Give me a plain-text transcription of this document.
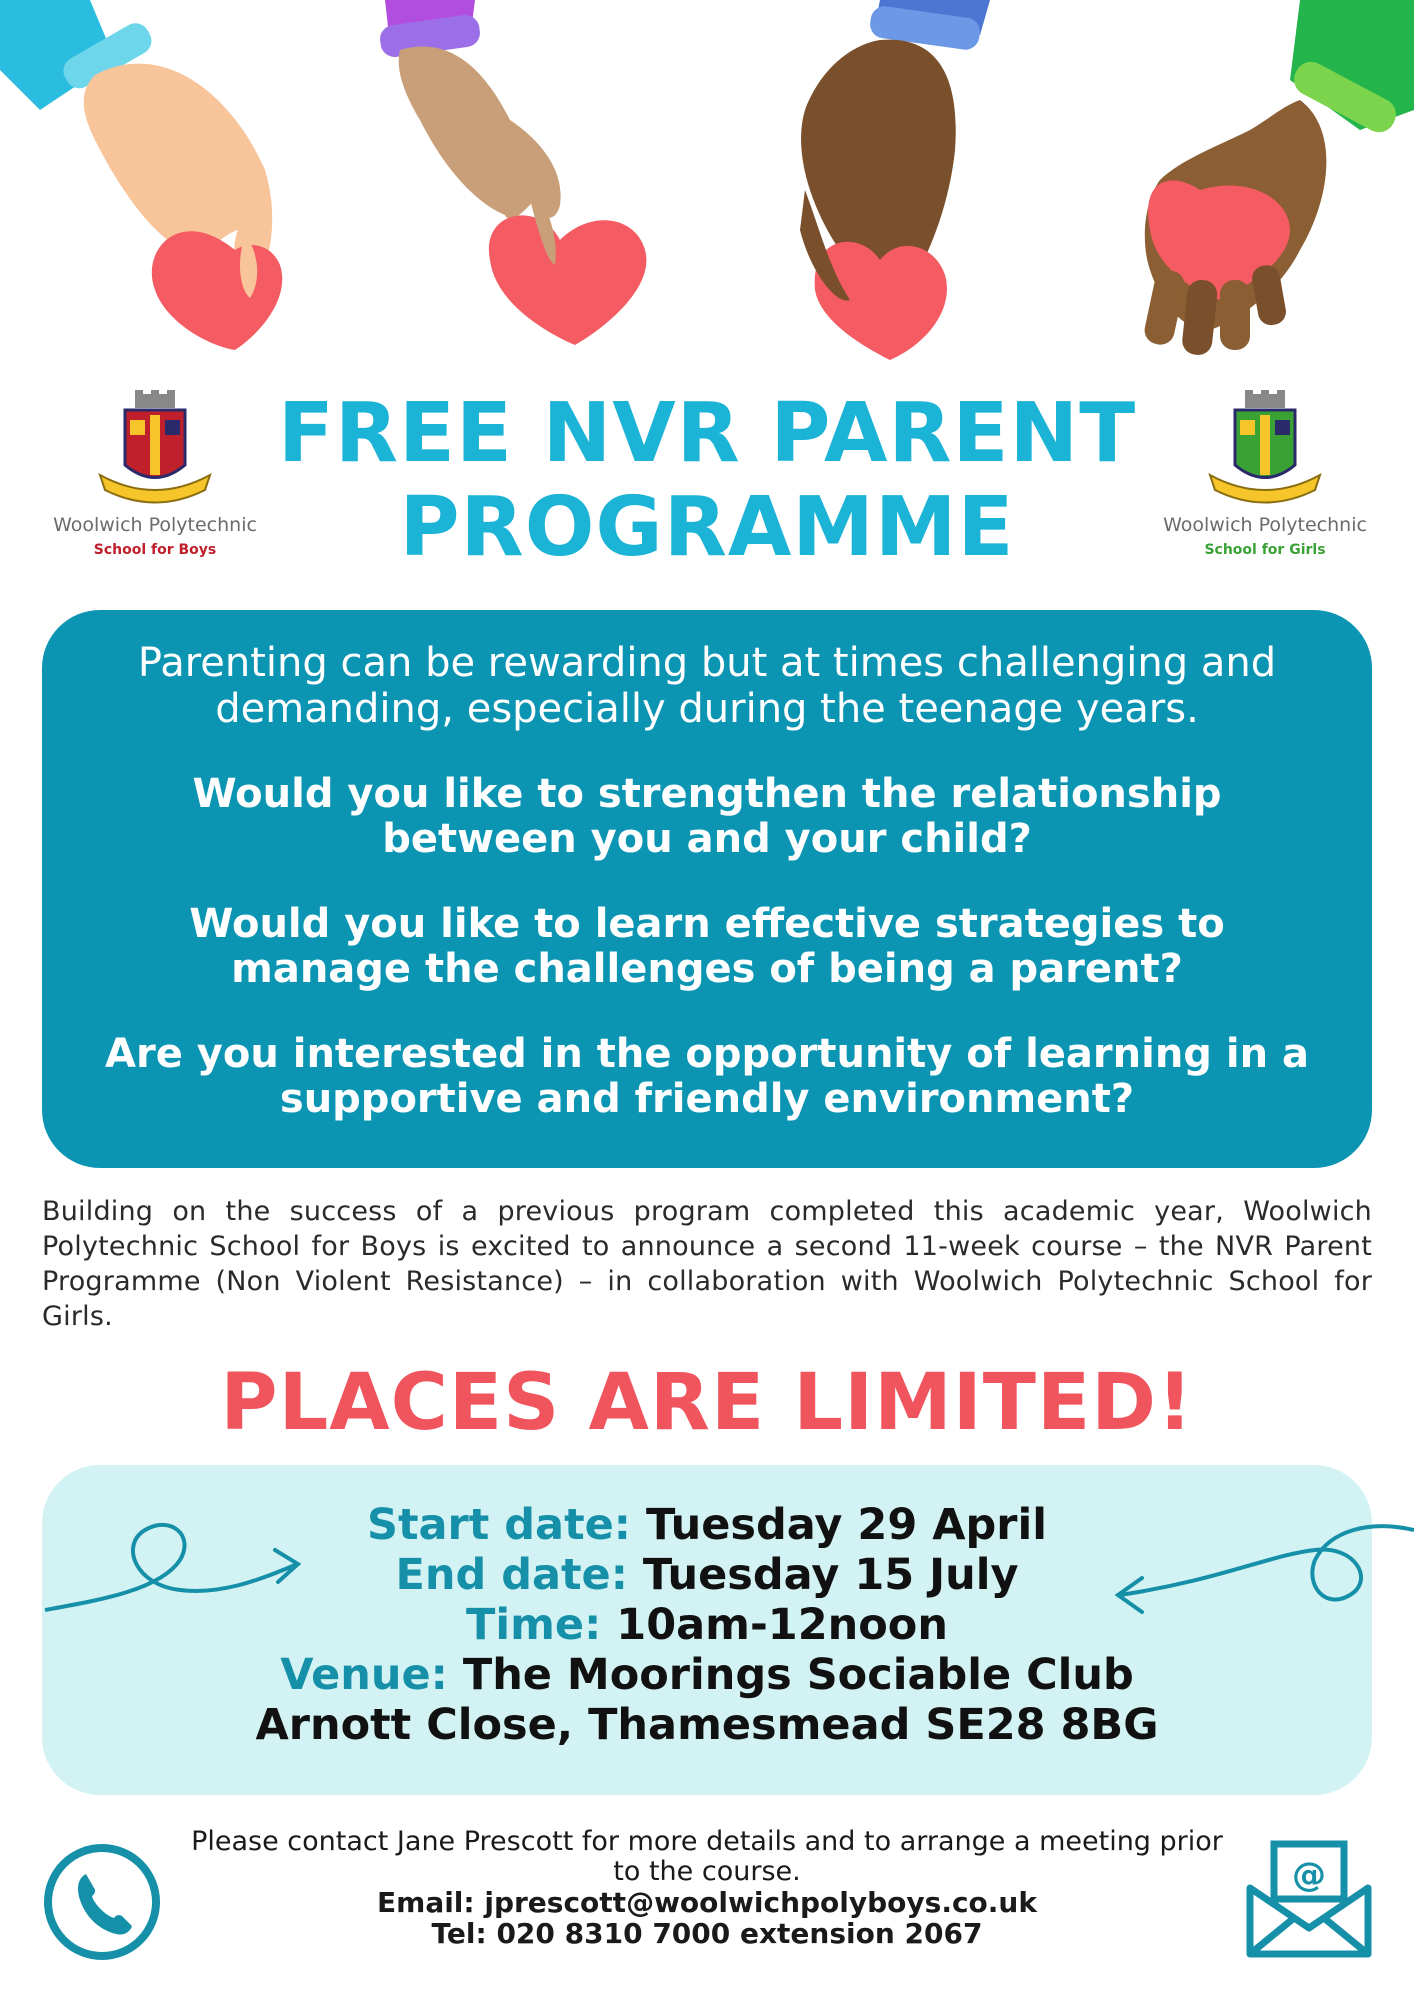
Woolwich Polytechnic
School for Boys
Woolwich Polytechnic
School for Girls
FREE NVR PARENT
PROGRAMME
Parenting can be rewarding but at times challenging and demanding, especially during the teenage years.
Would you like to strengthen the relationship between you and your child?
Would you like to learn effective strategies to manage the challenges of being a parent?
Are you interested in the opportunity of learning in a supportive and friendly environment?
Building on the success of a previous program completed this academic year, Woolwich Polytechnic School for Boys is excited to announce a second 11-week course – the NVR Parent Programme (Non Violent Resistance) – in collaboration with Woolwich Polytechnic School for Girls.
PLACES ARE LIMITED!
Start date: Tuesday 29 April
End date: Tuesday 15 July
Time: 10am-12noon
Venue: The Moorings Sociable Club
Arnott Close, Thamesmead SE28 8BG
Please contact Jane Prescott for more details and to arrange a meeting prior to the course.
Email: jprescott@woolwichpolyboys.co.uk
Tel: 020 8310 7000 extension 2067
@
